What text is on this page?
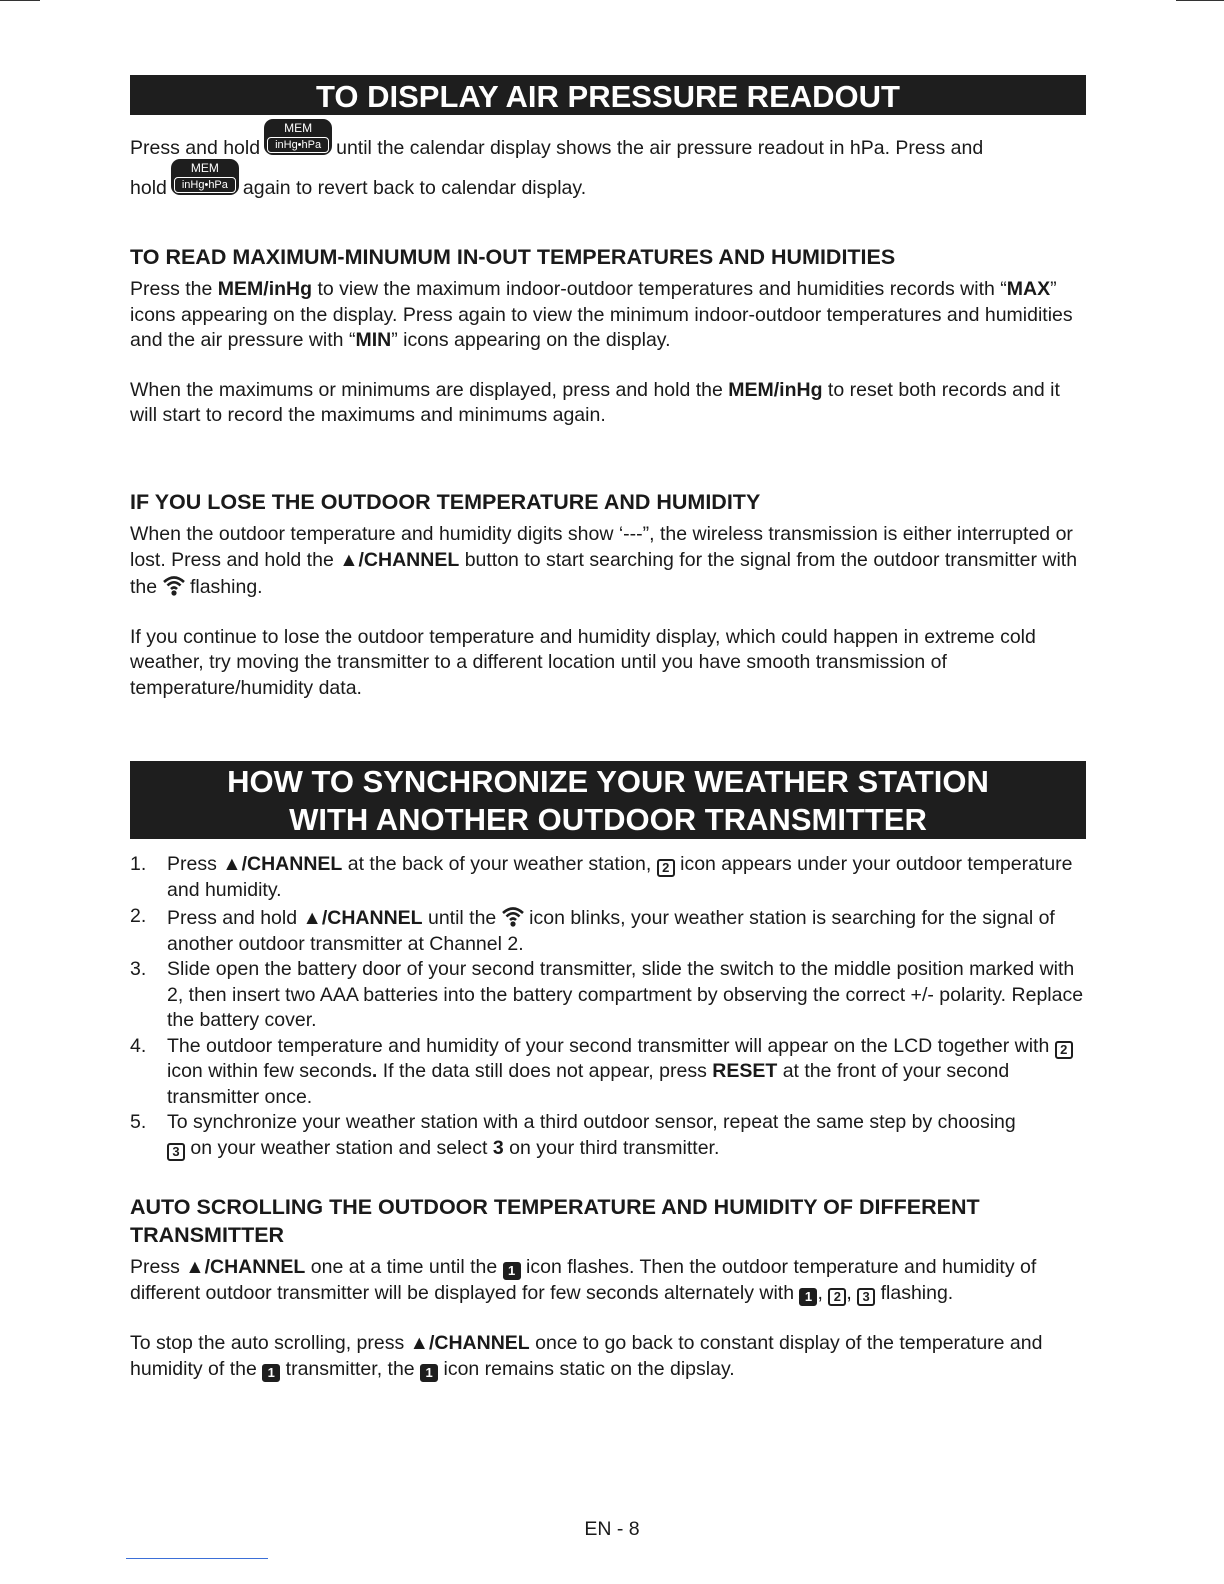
TO DISPLAY AIR PRESSURE READOUT
Press and hold
MEM
inHg•hPa until the calendar display shows the air pressure readout in hPa. Press and
hold
MEM
inHg•hPa again to revert back to calendar display.
TO READ MAXIMUM-MINUMUM IN-OUT TEMPERATURES AND HUMIDITIES
Press the MEM/inHg to view the maximum indoor-outdoor temperatures and humidities records with “MAX” icons appearing on the display. Press again to view the minimum indoor-outdoor temperatures and humidities and the air pressure with “MIN” icons appearing on the display.
When the maximums or minimums are displayed, press and hold the MEM/inHg to reset both records and it will start to record the maximums and minimums again.
IF YOU LOSE THE OUTDOOR TEMPERATURE AND HUMIDITY
When the outdoor temperature and humidity digits show ‘---”, the wireless transmission is either interrupted or lost. Press and hold the ▲/CHANNEL button to start searching for the signal from the outdoor transmitter with the flashing.
If you continue to lose the outdoor temperature and humidity display, which could happen in extreme cold weather, try moving the transmitter to a different location until you have smooth transmission of temperature/humidity data.
HOW TO SYNCHRONIZE YOUR WEATHER STATION
WITH ANOTHER OUTDOOR TRANSMITTER
1. Press ▲/CHANNEL at the back of your weather station, 2 icon appears under your outdoor temperature and humidity.
2. Press and hold ▲/CHANNEL until the icon blinks, your weather station is searching for the signal of another outdoor transmitter at Channel 2.
3. Slide open the battery door of your second transmitter, slide the switch to the middle position marked with 2, then insert two AAA batteries into the battery compartment by observing the correct +/- polarity. Replace the battery cover.
4. The outdoor temperature and humidity of your second transmitter will appear on the LCD together with 2 icon within few seconds. If the data still does not appear, press RESET at the front of your second transmitter once.
5. To synchronize your weather station with a third outdoor sensor, repeat the same step by choosing
3 on your weather station and select 3 on your third transmitter.
AUTO SCROLLING THE OUTDOOR TEMPERATURE AND HUMIDITY OF DIFFERENT TRANSMITTER
Press ▲/CHANNEL one at a time until the 1 icon flashes. Then the outdoor temperature and humidity of different outdoor transmitter will be displayed for few seconds alternately with 1 , 2 , 3 flashing.
To stop the auto scrolling, press ▲/CHANNEL once to go back to constant display of the temperature and humidity of the 1 transmitter, the 1 icon remains static on the dipslay.
EN - 8
